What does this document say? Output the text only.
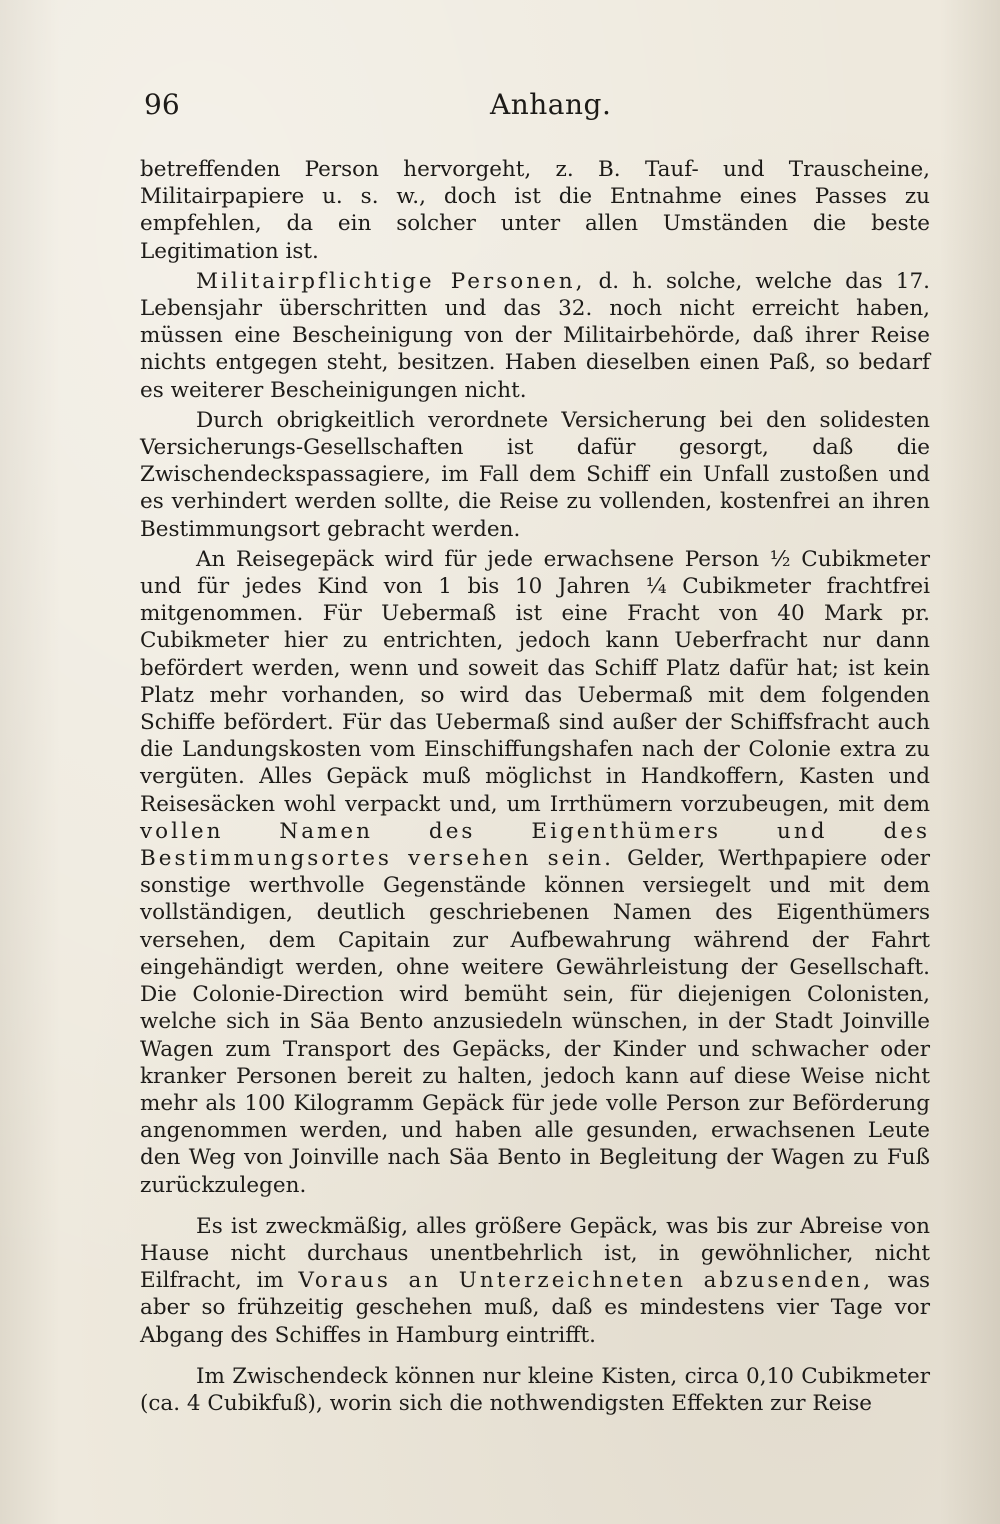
96	Anhang.

betreffenden Person hervorgeht, z. B. Tauf- und Trauscheine, Militairpapiere u. s. w., doch ist die Entnahme eines Passes zu empfehlen, da ein solcher unter allen Umständen die beste Legitimation ist.

Militairpflichtige Personen, d. h. solche, welche das 17. Lebensjahr überschritten und das 32. noch nicht erreicht haben, müssen eine Bescheinigung von der Militairbehörde, daß ihrer Reise nichts entgegen steht, besitzen. Haben dieselben einen Paß, so bedarf es weiterer Bescheinigungen nicht.

Durch obrigkeitlich verordnete Versicherung bei den solidesten Versicherungs-Gesellschaften ist dafür gesorgt, daß die Zwischendeckspassagiere, im Fall dem Schiff ein Unfall zustoßen und es verhindert werden sollte, die Reise zu vollenden, kostenfrei an ihren Bestimmungsort gebracht werden.

An Reisegepäck wird für jede erwachsene Person ½ Cubikmeter und für jedes Kind von 1 bis 10 Jahren ¼ Cubikmeter frachtfrei mitgenommen. Für Uebermaß ist eine Fracht von 40 Mark pr. Cubikmeter hier zu entrichten, jedoch kann Ueberfracht nur dann befördert werden, wenn und soweit das Schiff Platz dafür hat; ist kein Platz mehr vorhanden, so wird das Uebermaß mit dem folgenden Schiffe befördert. Für das Uebermaß sind außer der Schiffsfracht auch die Landungskosten vom Einschiffungshafen nach der Colonie extra zu vergüten. Alles Gepäck muß möglichst in Handkoffern, Kasten und Reisesäcken wohl verpackt und, um Irrthümern vorzubeugen, mit dem vollen Namen des Eigenthümers und des Bestimmungsortes versehen sein. Gelder, Werthpapiere oder sonstige werthvolle Gegenstände können versiegelt und mit dem vollständigen, deutlich geschriebenen Namen des Eigenthümers versehen, dem Capitain zur Aufbewahrung während der Fahrt eingehändigt werden, ohne weitere Gewährleistung der Gesellschaft. Die Colonie-Direction wird bemüht sein, für diejenigen Colonisten, welche sich in Säa Bento anzusiedeln wünschen, in der Stadt Joinville Wagen zum Transport des Gepäcks, der Kinder und schwacher oder kranker Personen bereit zu halten, jedoch kann auf diese Weise nicht mehr als 100 Kilogramm Gepäck für jede volle Person zur Beförderung angenommen werden, und haben alle gesunden, erwachsenen Leute den Weg von Joinville nach Säa Bento in Begleitung der Wagen zu Fuß zurückzulegen.

Es ist zweckmäßig, alles größere Gepäck, was bis zur Abreise von Hause nicht durchaus unentbehrlich ist, in gewöhnlicher, nicht Eilfracht, im Voraus an Unterzeichneten abzusenden, was aber so frühzeitig geschehen muß, daß es mindestens vier Tage vor Abgang des Schiffes in Hamburg eintrifft.

Im Zwischendeck können nur kleine Kisten, circa 0,10 Cubikmeter (ca. 4 Cubikfuß), worin sich die nothwendigsten Effekten zur Reise
